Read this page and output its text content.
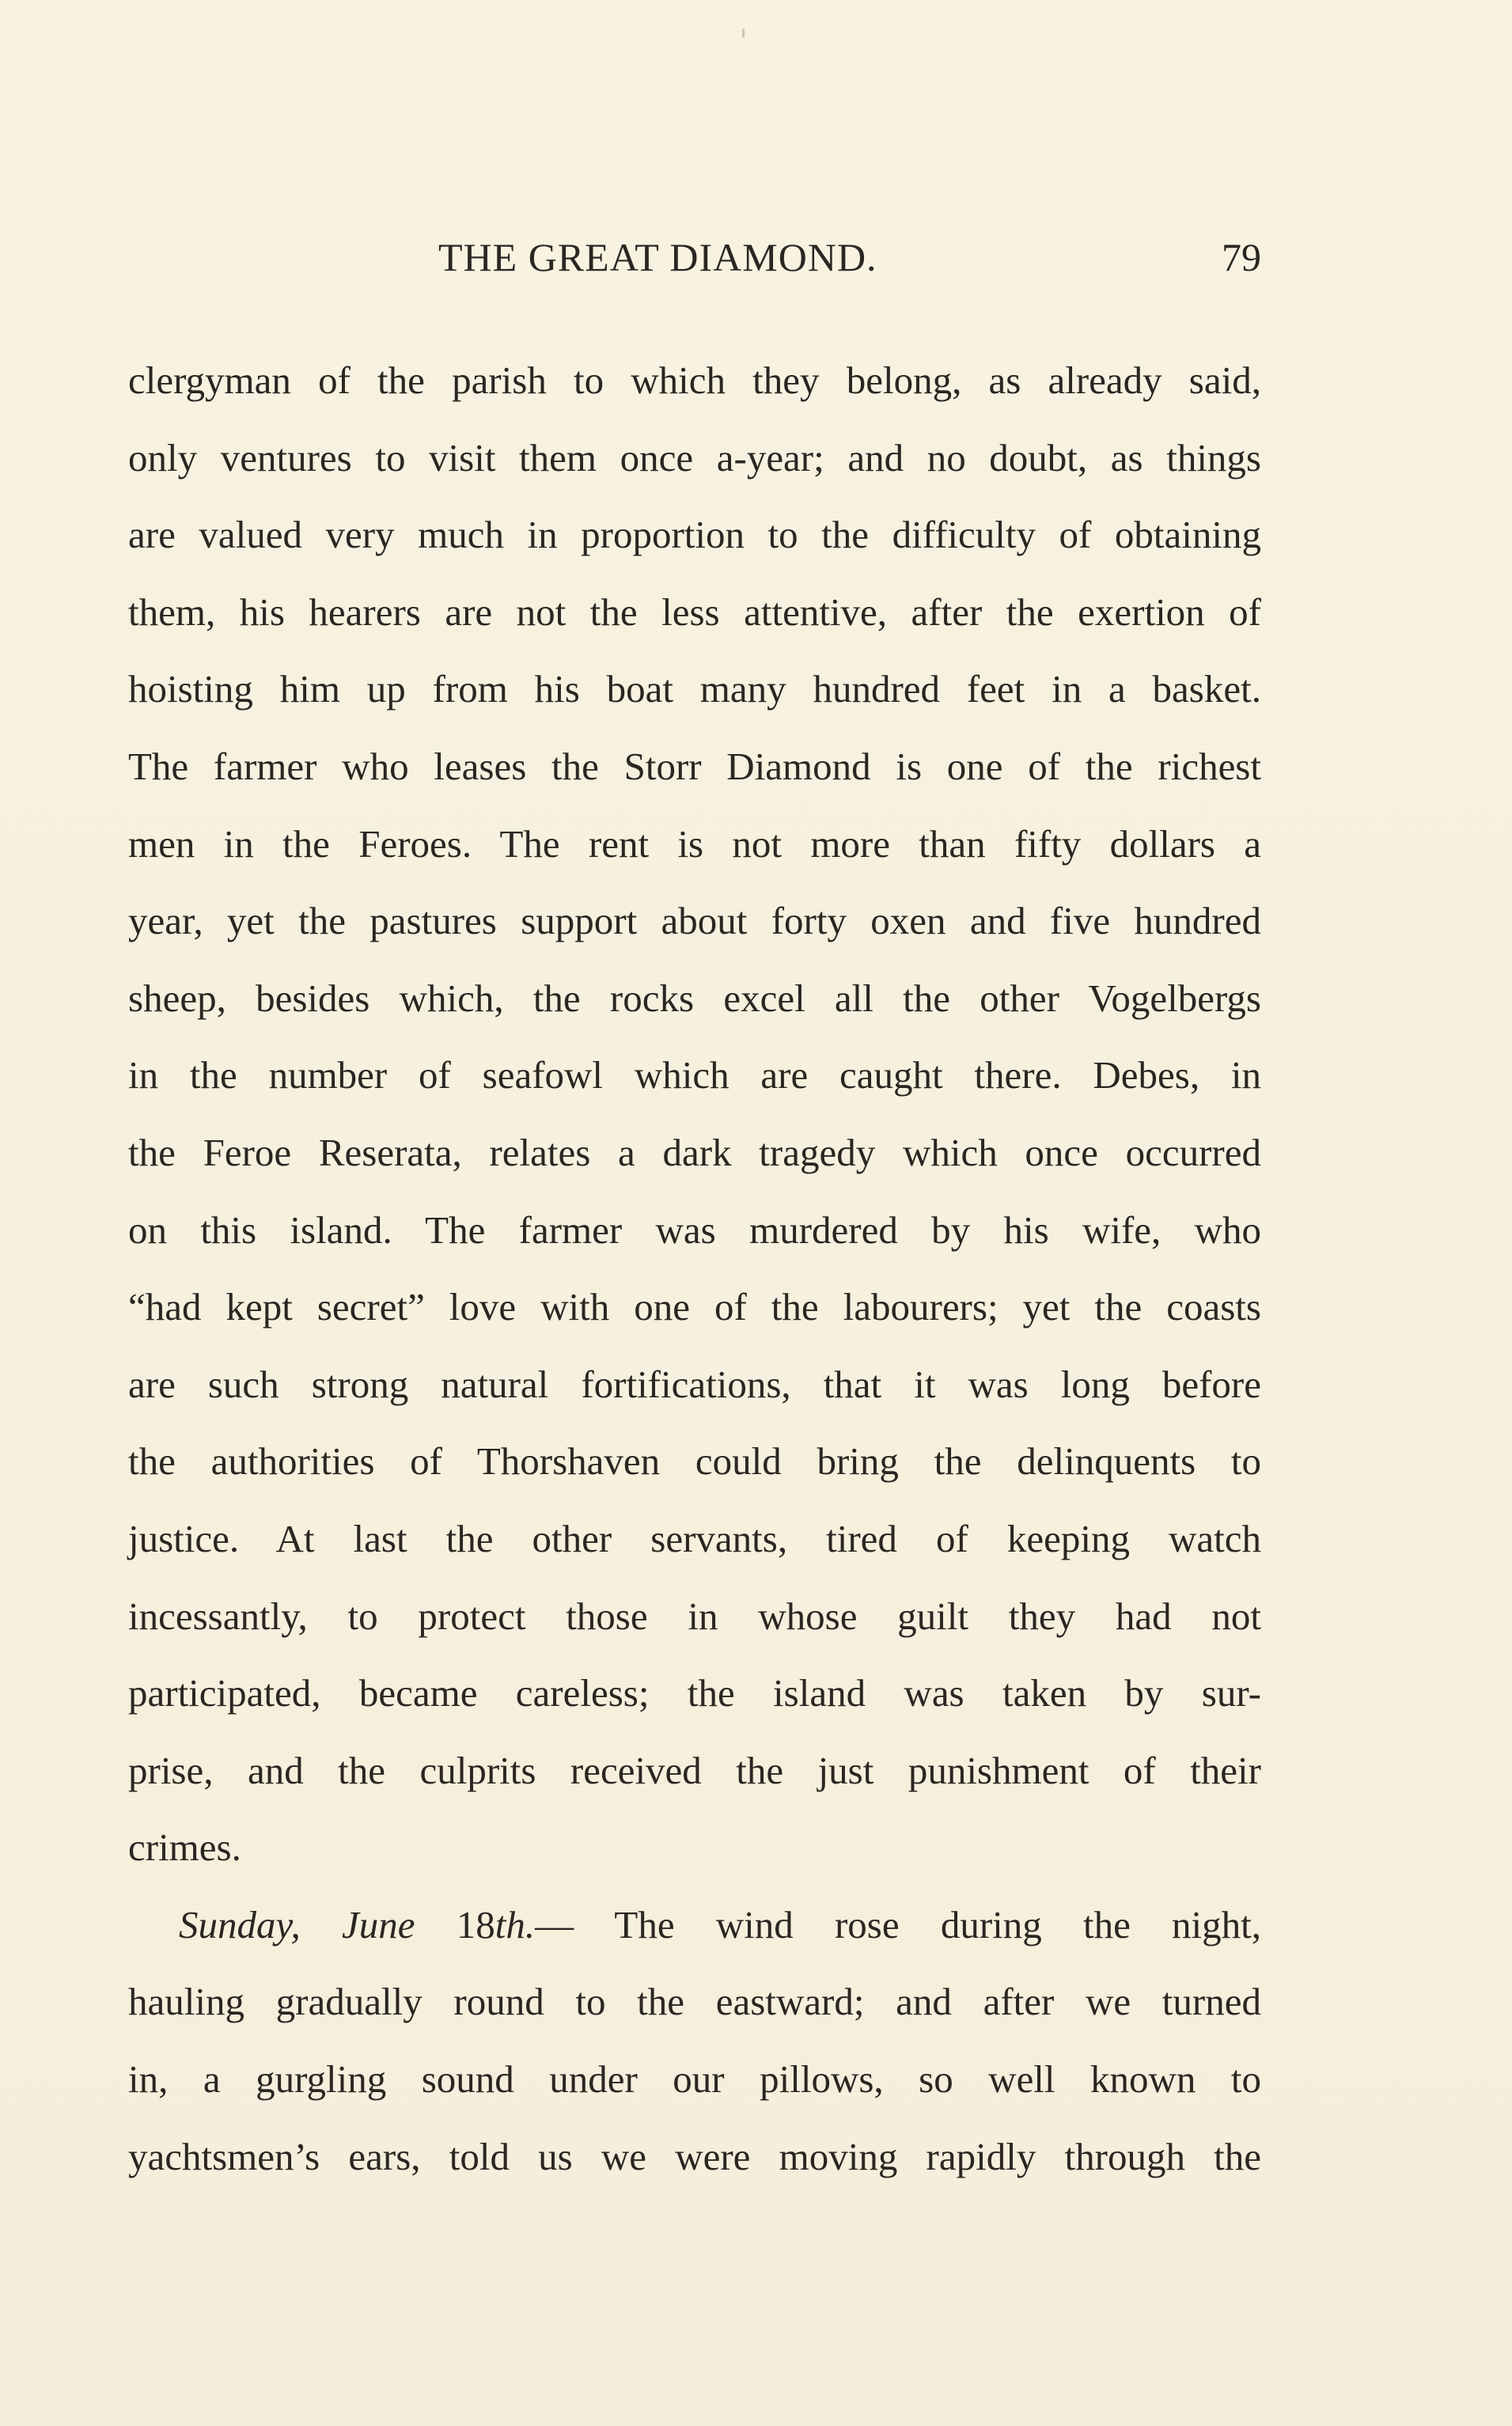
THE GREAT DIAMOND.	79
clergyman of the parish to which they belong, as already said,
only ventures to visit them once a-year; and no doubt, as things
are valued very much in proportion to the difficulty of obtaining
them, his hearers are not the less attentive, after the exertion of
hoisting him up from his boat many hundred feet in a basket.
The farmer who leases the Storr Diamond is one of the richest
men in the Feroes. The rent is not more than fifty dollars a
year, yet the pastures support about forty oxen and five hundred
sheep, besides which, the rocks excel all the other Vogelbergs
in the number of seafowl which are caught there. Debes, in
the Feroe Reserata, relates a dark tragedy which once occurred
on this island. The farmer was murdered by his wife, who
“had kept secret” love with one of the labourers; yet the coasts
are such strong natural fortifications, that it was long before
the authorities of Thorshaven could bring the delinquents to
justice. At last the other servants, tired of keeping watch
incessantly, to protect those in whose guilt they had not
participated, became careless; the island was taken by sur-
prise, and the culprits received the just punishment of their
crimes.
Sunday, June 18th.— The wind rose during the night,
hauling gradually round to the eastward; and after we turned
in, a gurgling sound under our pillows, so well known to
yachtsmen’s ears, told us we were moving rapidly through the
